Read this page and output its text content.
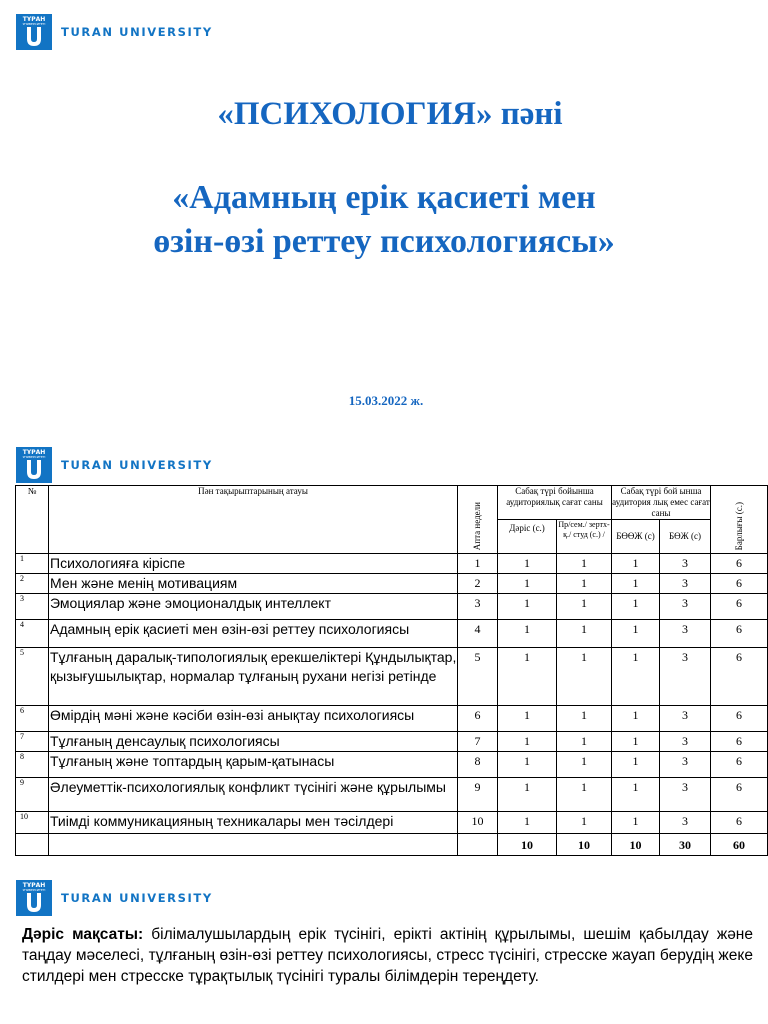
ТҰРАН
УНИВЕРСИТЕТІ
TURAN UNIVERSITY
«ПСИХОЛОГИЯ» пәні
«Адамның ерік қасиеті мен
өзін-өзі реттеу психологиясы»
15.03.2022 ж.
ТҰРАН
УНИВЕРСИТЕТІ
TURAN UNIVERSITY
№	Пән тақырыптарының атауы	Апта недели	Сабақ түрі бойынша аудиториялық сағат саны		Сабақ түрі бой ынша аудитория лық емес сағат саны		Барлығы (с.)
			Дәріс (с.)	Пр/сем./ зертх-қ./ студ (с.) /	БӨӨЖ (с)	БӨЖ (с)	
1	Психологияға кіріспе	1	1	1	1	3	6
2	Мен және менің мотивациям	2	1	1	1	3	6
3	Эмоциялар және эмоционалдық интеллект	3	1	1	1	3	6
4	Адамның ерік қасиеті мен өзін-өзі реттеу психологиясы	4	1	1	1	3	6
5	Тұлғаның даралық-типологиялық ерекшеліктері Құндылықтар, қызығушылықтар, нормалар тұлғаның рухани негізі ретінде	5	1	1	1	3	6
6	Өмірдің мәні және кәсіби өзін-өзі анықтау психологиясы	6	1	1	1	3	6
7	Тұлғаның денсаулық психологиясы	7	1	1	1	3	6
8	Тұлғаның және топтардың қарым-қатынасы	8	1	1	1	3	6
9	Әлеуметтік-психологиялық конфликт түсінігі және құрылымы	9	1	1	1	3	6
10	Тиімді коммуникацияның техникалары мен тәсілдері	10	1	1	1	3	6
			10	10	10	30	60
ТҰРАН
УНИВЕРСИТЕТІ
TURAN UNIVERSITY
Дәріс мақсаты: білімалушылардың ерік түсінігі, ерікті актінің құрылымы, шешім қабылдау және таңдау мәселесі, тұлғаның өзін-өзі реттеу психологиясы, стресс түсінігі, стресске жауап берудің жеке стилдері мен стресске тұрақтылық түсінігі туралы білімдерін тереңдету.
